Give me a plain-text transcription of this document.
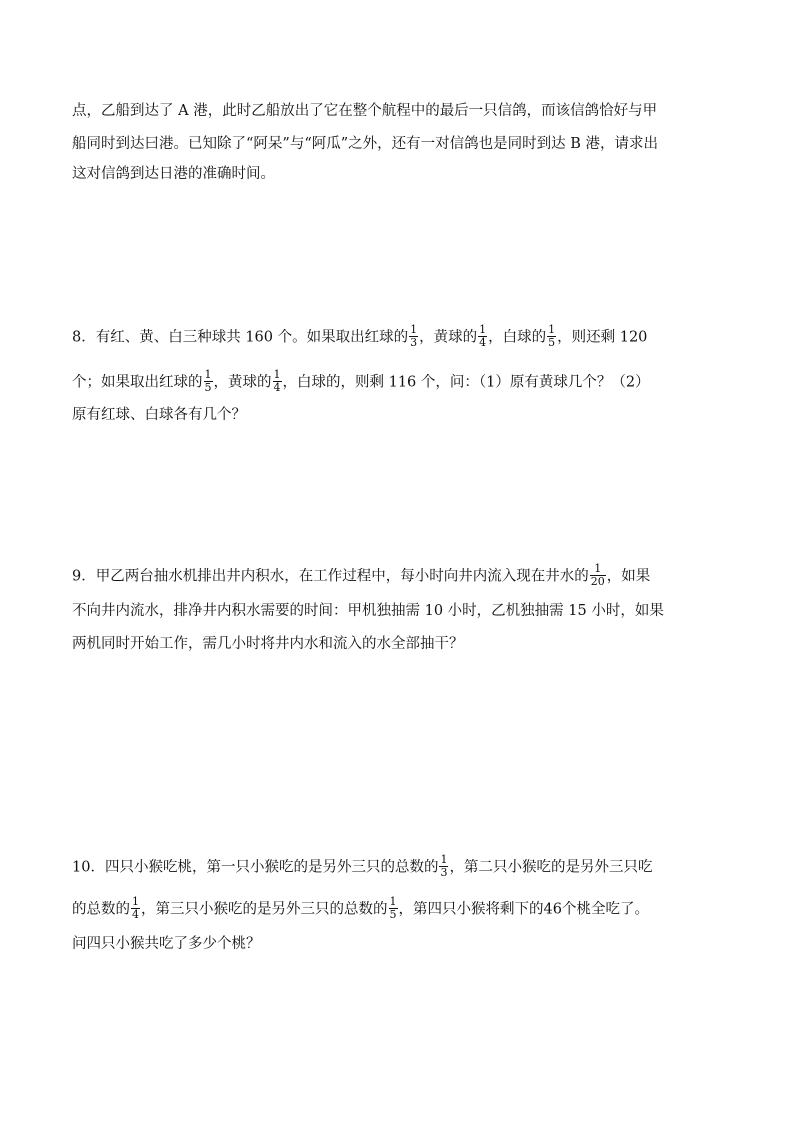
点，乙船到达了 A 港，此时乙船放出了它在整个航程中的最后一只信鸽，而该信鸽恰好与甲
船同时到达曰港。已知除了“阿呆”与“阿瓜”之外，还有一对信鸽也是同时到达 B 港，请求出
这对信鸽到达日港的准确时间。
8．有红、黄、白三种球共 160 个。如果取出红球的 $\frac{1}{3}$ ，黄球的 $\frac{1}{4}$ ，白球的 $\frac{1}{5}$ ，则还剩 120
个；如果取出红球的 $\frac{1}{5}$ ，黄球的 $\frac{1}{4}$ ，白球的，则剩 116 个，问：（1）原有黄球几个？（2）
原有红球、白球各有几个？
9．甲乙两台抽水机排出井内积水，在工作过程中，每小时向井内流入现在井水的 $\frac{1}{20}$ ，如果
不向井内流水，排净井内积水需要的时间：甲机独抽需 10 小时，乙机独抽需 15 小时，如果
两机同时开始工作，需几小时将井内水和流入的水全部抽干？
10．四只小猴吃桃，第一只小猴吃的是另外三只的总数的 $\frac{1}{3}$ ，第二只小猴吃的是另外三只吃
的总数的 $\frac{1}{4}$ ，第三只小猴吃的是另外三只的总数的 $\frac{1}{5}$ ，第四只小猴将剩下的46个桃全吃了。
问四只小猴共吃了多少个桃？
